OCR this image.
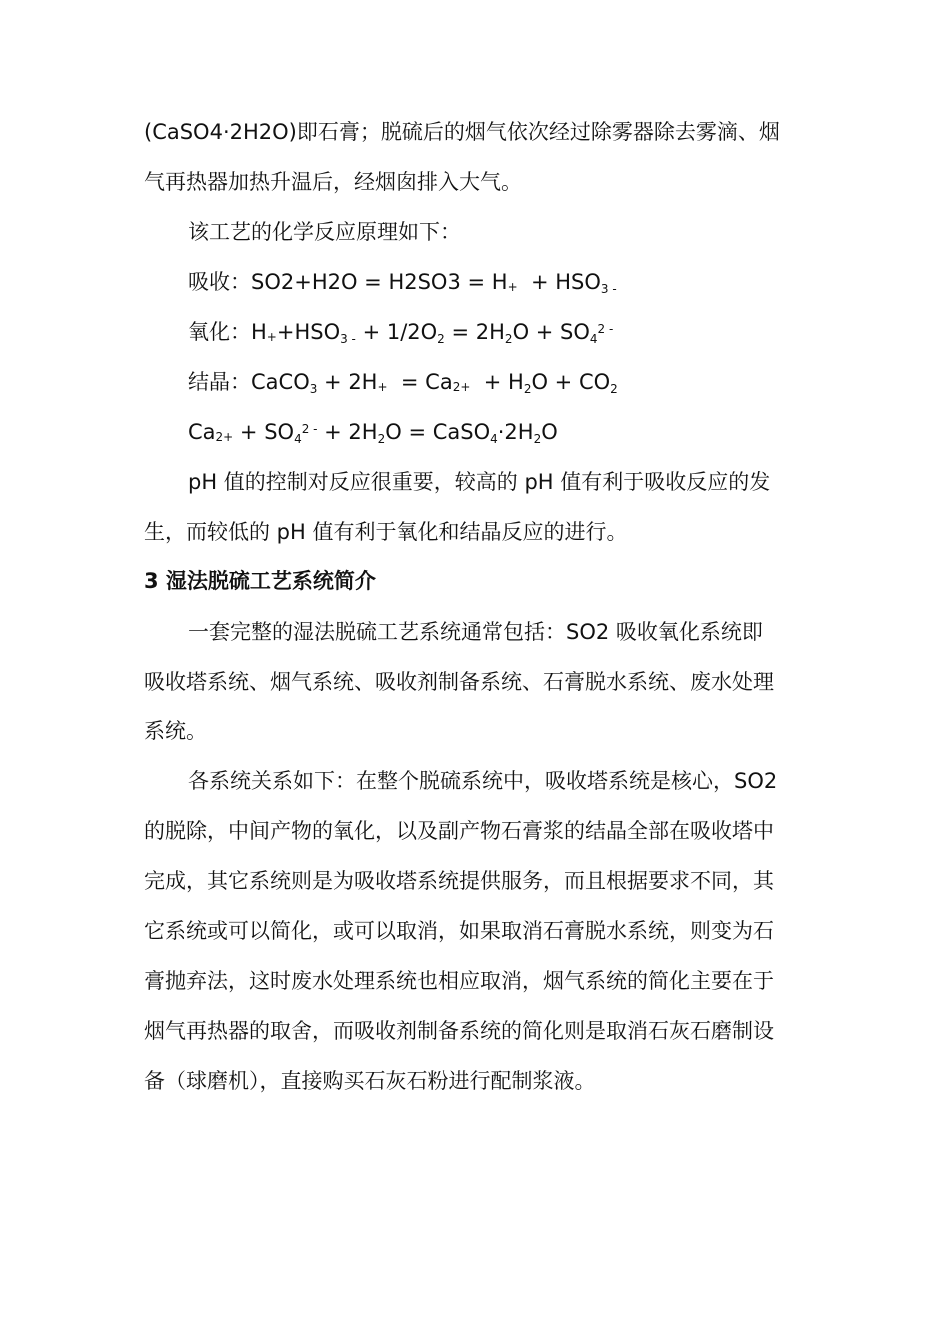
(CaSO4·2H2O)即石膏；脱硫后的烟气依次经过除雾器除去雾滴、烟
气再热器加热升温后，经烟囱排入大气。
该工艺的化学反应原理如下：
吸收：$SO2+H2O = H2SO3 = H+ + HSO_{3 -}$
氧化：$H++HSO_{3 -} + 1/2O_2 = 2H_2O + SO_4^{2 -}$
结晶：CaCO$_3$ + $2H+ = Ca2+ + H_2O + CO_2$
$Ca2+ + SO_4^{2 -} + 2H_2O$ = $CaSO_4\cdot 2H_2O$
pH 值的控制对反应很重要，较高的 pH 值有利于吸收反应的发
生，而较低的 pH 值有利于氧化和结晶反应的进行。
3 湿法脱硫工艺系统简介
一套完整的湿法脱硫工艺系统通常包括：SO2 吸收氧化系统即
吸收塔系统、烟气系统、吸收剂制备系统、石膏脱水系统、废水处理
系统。
各系统关系如下：在整个脱硫系统中，吸收塔系统是核心，SO2
的脱除，中间产物的氧化，以及副产物石膏浆的结晶全部在吸收塔中
完成，其它系统则是为吸收塔系统提供服务，而且根据要求不同，其
它系统或可以简化，或可以取消，如果取消石膏脱水系统，则变为石
膏抛弃法，这时废水处理系统也相应取消，烟气系统的简化主要在于
烟气再热器的取舍，而吸收剂制备系统的简化则是取消石灰石磨制设
备（球磨机），直接购买石灰石粉进行配制浆液。
